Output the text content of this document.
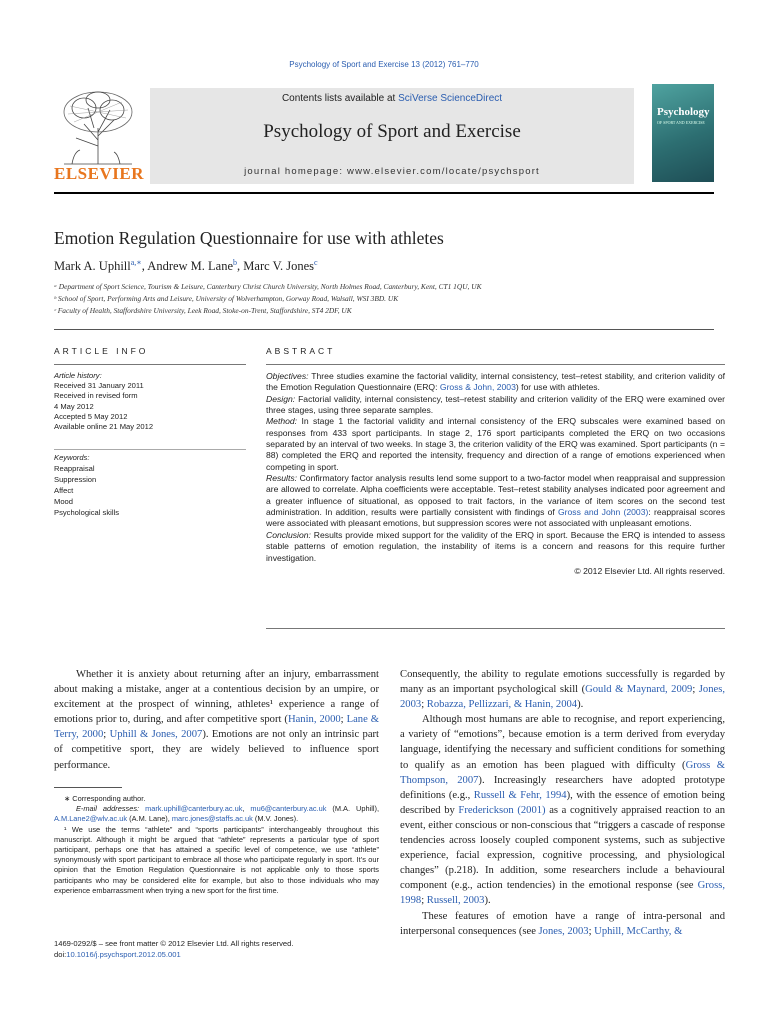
Psychology of Sport and Exercise 13 (2012) 761–770
ELSEVIER
Contents lists available at SciVerse ScienceDirect
Psychology of Sport and Exercise
journal homepage: www.elsevier.com/locate/psychsport
Psychology
OF SPORT AND EXERCISE
Emotion Regulation Questionnaire for use with athletes
Mark A. Uphill$^{a,∗}$, Andrew M. Lane$^b$, Marc V. Jones$^c$
ᵃ Department of Sport Science, Tourism & Leisure, Canterbury Christ Church University, North Holmes Road, Canterbury, Kent, CT1 1QU, UK
ᵇ School of Sport, Performing Arts and Leisure, University of Wolverhampton, Gorway Road, Walsall, WSI 3BD. UK
ᶜ Faculty of Health, Staffordshire University, Leek Road, Stoke-on-Trent, Staffordshire, ST4 2DF, UK
ARTICLE INFO	ABSTRACT
Article history:
Received 31 January 2011
Received in revised form
4 May 2012
Accepted 5 May 2012
Available online 21 May 2012
Keywords:
Reappraisal
Suppression
Affect
Mood
Psychological skills

Objectives: Three studies examine the factorial validity, internal consistency, test–retest stability, and criterion validity of the Emotion Regulation Questionnaire (ERQ: Gross & John, 2003) for use with athletes.

Design: Factorial validity, internal consistency, test–retest stability and criterion validity of the ERQ were examined over three stages, using three separate samples.

Method: In stage 1 the factorial validity and internal consistency of the ERQ subscales were examined based on responses from 433 sport participants. In stage 2, 176 sport participants completed the ERQ on two occasions separated by an interval of two weeks. In stage 3, the criterion validity of the ERQ was examined. Sport participants (n = 88) completed the ERQ and reported the intensity, frequency and direction of a range of emotions experienced when competing in sport.

Results: Confirmatory factor analysis results lend some support to a two-factor model when reappraisal and suppression are allowed to correlate. Alpha coefficients were acceptable. Test–retest stability analyses indicated poor agreement and a greater influence of situational, as opposed to trait factors, in the variance of item scores on the second test administration. In addition, results were partially consistent with findings of Gross and John (2003): reappraisal scores were associated with pleasant emotions, but suppression scores were not associated with unpleasant emotions.

Conclusion: Results provide mixed support for the validity of the ERQ in sport. Because the ERQ is intended to assess stable patterns of emotion regulation, the instability of items is a concern and reasons for this require further investigation.

© 2012 Elsevier Ltd. All rights reserved.

Whether it is anxiety about returning after an injury, embarrassment about making a mistake, anger at a contentious decision by an umpire, or excitement at the prospect of winning, athletes¹ experience a range of emotions prior to, during, and after competitive sport (Hanin, 2000; Lane & Terry, 2000; Uphill & Jones, 2007). Emotions are not only an intrinsic part of competitive sport, they are widely believed to influence sport performance.

∗ Corresponding author.

E-mail addresses: mark.uphill@canterbury.ac.uk, mu6@canterbury.ac.uk (M.A. Uphill), A.M.Lane2@wlv.ac.uk (A.M. Lane), marc.jones@staffs.ac.uk (M.V. Jones).

¹ We use the terms “athlete” and “sports participants” interchangeably throughout this manuscript. Although it might be argued that “athlete” represents a particular type of sport participant, perhaps one that has attained a specific level of competence, we use “athlete” synonymously with sport participant to embrace all those who participate regularly in sport. It’s our opinion that the Emotion Regulation Questionnaire is not applicable only to those sports participants who may be considered elite for example, but also to those individuals who may experience embarrassment when trying a new sport for the first time.

1469-0292/$ – see front matter © 2012 Elsevier Ltd. All rights reserved.
doi:10.1016/j.psychsport.2012.05.001

Consequently, the ability to regulate emotions successfully is regarded by many as an important psychological skill (Gould & Maynard, 2009; Jones, 2003; Robazza, Pellizzari, & Hanin, 2004).

Although most humans are able to recognise, and report experiencing, a variety of “emotions”, because emotion is a term derived from everyday language, identifying the necessary and sufficient conditions for something to qualify as an emotion has been plagued with difficulty (Gross & Thompson, 2007). Increasingly researchers have adopted prototype definitions (e.g., Russell & Fehr, 1994), with the essence of emotion being described by Frederickson (2001) as a cognitively appraised reaction to an event, either conscious or non-conscious that “triggers a cascade of response tendencies across loosely coupled component systems, such as subjective experience, facial expression, cognitive processing, and physiological changes” (p.218). In addition, some researchers include a behavioural component (e.g., action tendencies) in the emotional response (see Gross, 1998; Russell, 2003).

These features of emotion have a range of intra-personal and interpersonal consequences (see Jones, 2003; Uphill, McCarthy, &
